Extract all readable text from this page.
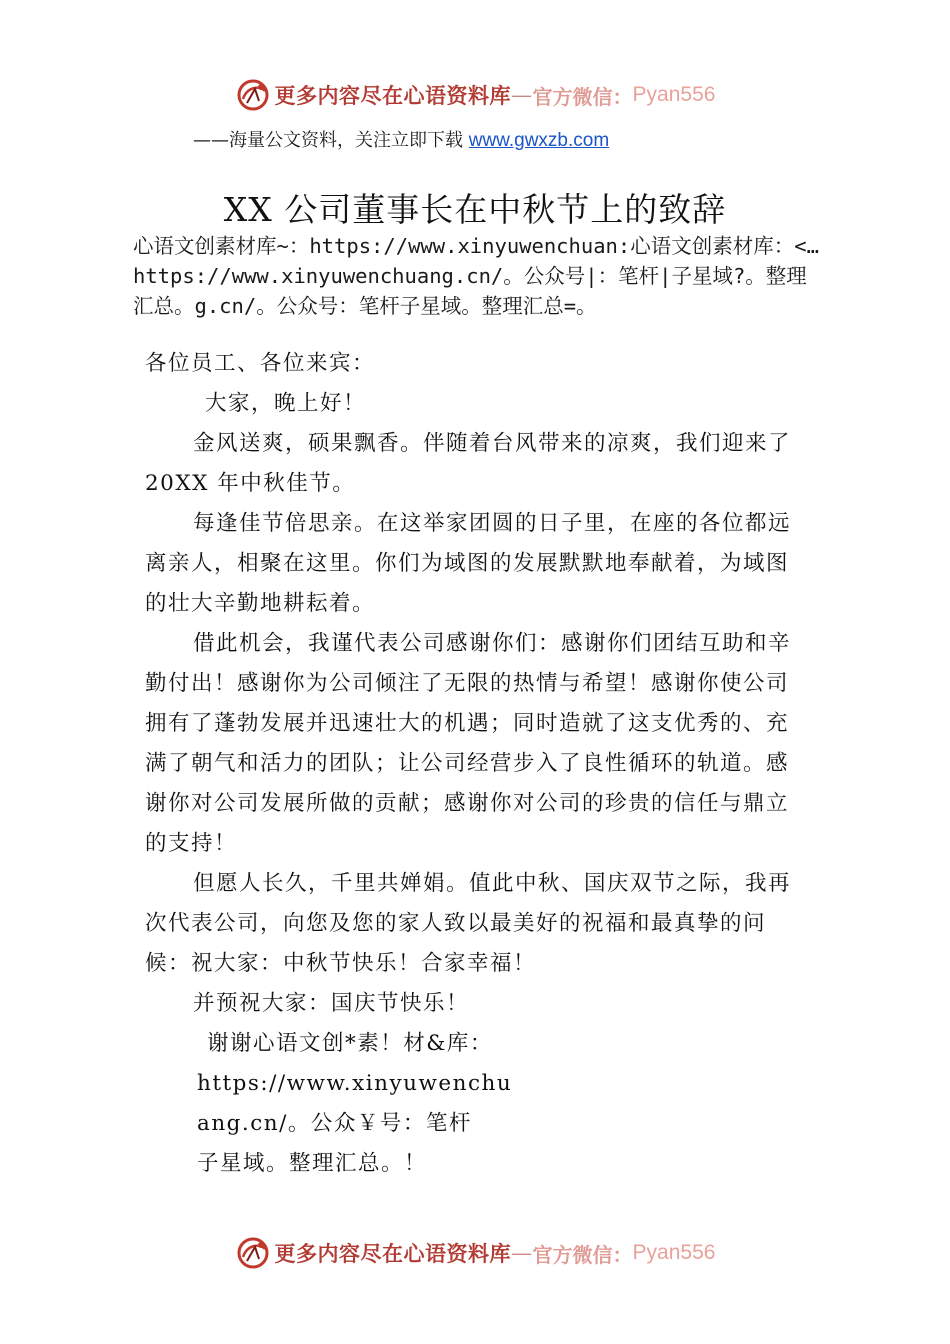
更多内容尽在心语资料库 — 官方微信： Pyan556
——海量公文资料，关注立即下载 www.gwxzb.com
XX 公司董事长在中秋节上的致辞
心语文创素材库~：https://www.xinyuwenchuan:心语文创素材库：<…https://www.xinyuwenchuang.cn/。公众号|：笔杆|子星域?。整理汇总。g.cn/。公众号：笔杆子星域。整理汇总=。

各位员工、各位来宾：

大家，晚上好！

金风送爽，硕果飘香。伴随着台风带来的凉爽，我们迎来了 20XX 年中秋佳节。

每逢佳节倍思亲。在这举家团圆的日子里，在座的各位都远离亲人，相聚在这里。你们为域图的发展默默地奉献着，为域图的壮大辛勤地耕耘着。

借此机会，我谨代表公司感谢你们：感谢你们团结互助和辛勤付出！感谢你为公司倾注了无限的热情与希望！感谢你使公司拥有了蓬勃发展并迅速壮大的机遇；同时造就了这支优秀的、充满了朝气和活力的团队；让公司经营步入了良性循环的轨道。感谢你对公司发展所做的贡献；感谢你对公司的珍贵的信任与鼎立的支持！

但愿人长久，千里共婵娟。值此中秋、国庆双节之际，我再次代表公司，向您及您的家人致以最美好的祝福和最真挚的问候：祝大家：中秋节快乐！合家幸福！

并预祝大家：国庆节快乐！

谢谢心语文创*素！材&库：
https://www.xinyuwenchu
ang.cn/。公众￥号：笔杆
子星域。整理汇总。！
更多内容尽在心语资料库 — 官方微信： Pyan556
